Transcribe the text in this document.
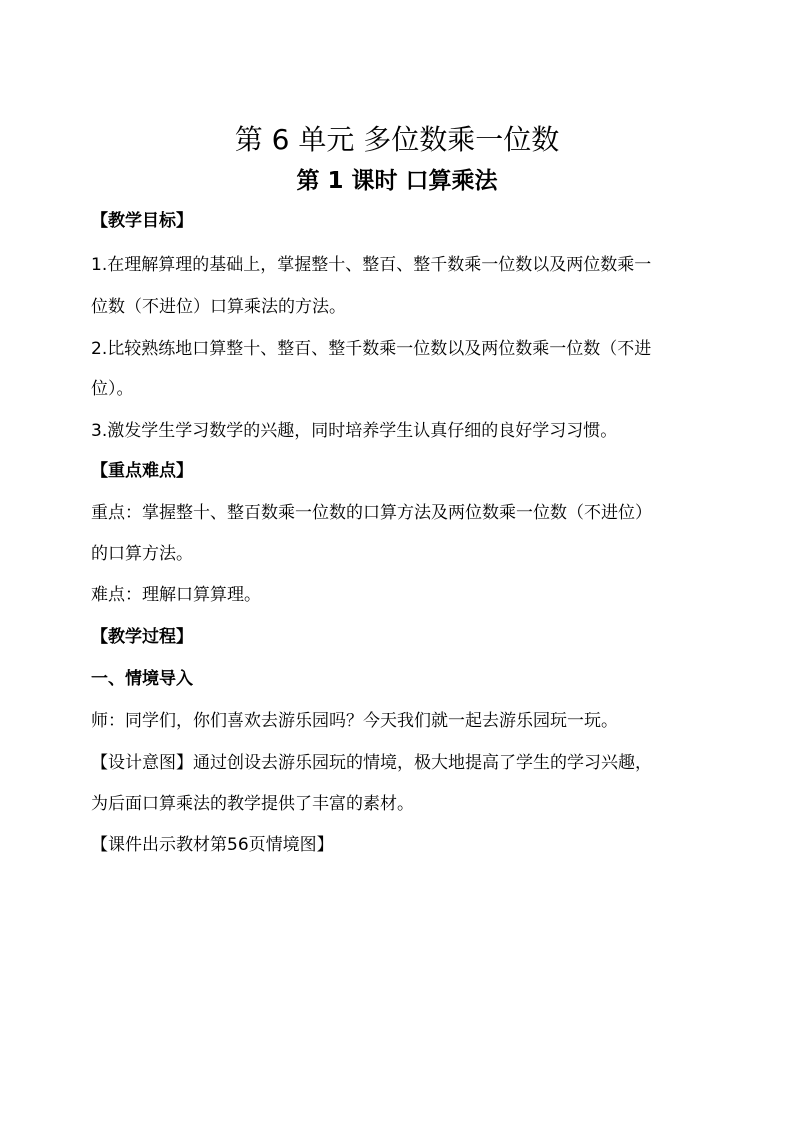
第 6 单元 多位数乘一位数
第 1 课时 口算乘法

【教学目标】

1.在理解算理的基础上，掌握整十、整百、整千数乘一位数以及两位数乘一

位数（不进位）口算乘法的方法。

2.比较熟练地口算整十、整百、整千数乘一位数以及两位数乘一位数（不进

位）。

3.激发学生学习数学的兴趣，同时培养学生认真仔细的良好学习习惯。

【重点难点】

重点：掌握整十、整百数乘一位数的口算方法及两位数乘一位数（不进位）

的口算方法。

难点：理解口算算理。

【教学过程】

一、情境导入

师：同学们，你们喜欢去游乐园吗？今天我们就一起去游乐园玩一玩。

【设计意图】通过创设去游乐园玩的情境，极大地提高了学生的学习兴趣，

为后面口算乘法的教学提供了丰富的素材。

【课件出示教材第56页情境图】
